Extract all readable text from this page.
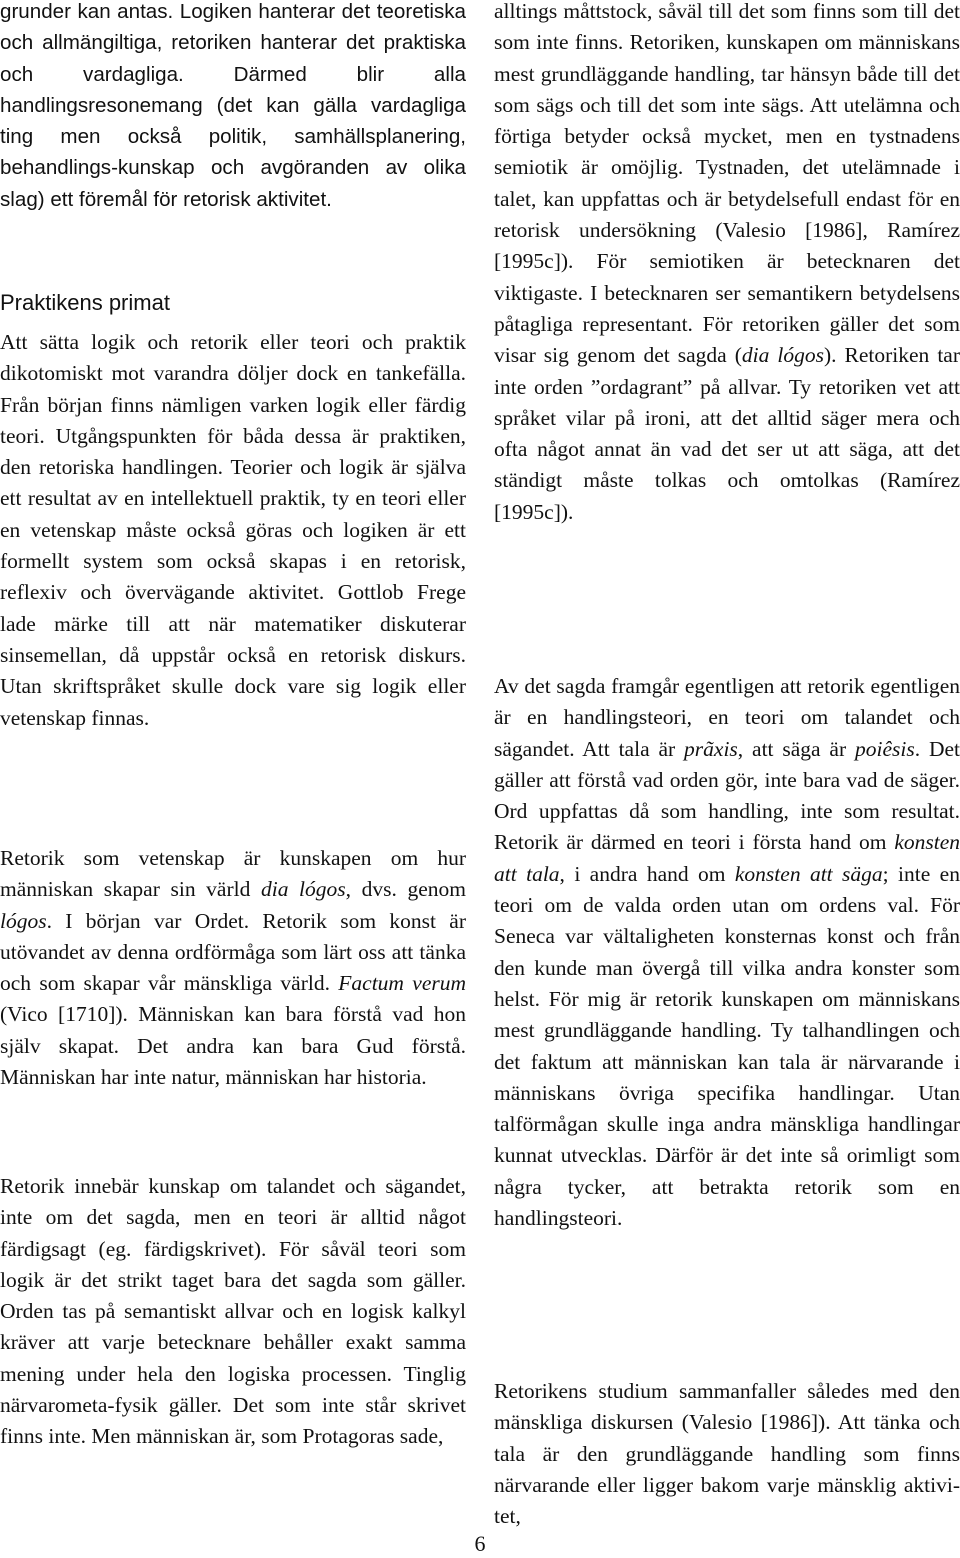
grunder kan antas. Logiken hanterar det teoretiska och allmängiltiga, retoriken hanterar det praktiska och vardagliga. Därmed blir alla handlingsresonemang (det kan gälla vardagliga ting men också politik, samhällsplanering, behandlings-kunskap och avgöranden av olika slag) ett föremål för retorisk aktivitet.

Praktikens primat

Att sätta logik och retorik eller teori och praktik dikotomiskt mot varandra döljer dock en tankefälla. Från början finns nämligen varken logik eller färdig teori. Utgångspunkten för båda dessa är praktiken, den retoriska handlingen. Teorier och logik är själva ett resultat av en intellektuell praktik, ty en teori eller en vetenskap måste också göras och logiken är ett formellt system som också skapas i en retorisk, reflexiv och övervägande aktivitet. Gottlob Frege lade märke till att när matematiker diskuterar sinsemellan, då uppstår också en retorisk diskurs. Utan skriftspråket skulle dock vare sig logik eller vetenskap finnas.

Retorik som vetenskap är kunskapen om hur människan skapar sin värld dia lógos, dvs. genom lógos. I början var Ordet. Retorik som konst är utövandet av denna ordförmåga som lärt oss att tänka och som skapar vår mänskliga värld. Factum verum (Vico [1710]). Människan kan bara förstå vad hon själv skapat. Det andra kan bara Gud förstå. Människan har inte natur, människan har historia.

Retorik innebär kunskap om talandet och sägandet, inte om det sagda, men en teori är alltid något färdigsagt (eg. färdigskrivet). För såväl teori som logik är det strikt taget bara det sagda som gäller. Orden tas på semantiskt allvar och en logisk kalkyl kräver att varje betecknare behåller exakt samma mening under hela den logiska processen. Tinglig närvarometa-fysik gäller. Det som inte står skrivet finns inte. Men människan är, som Protagoras sade,

alltings måttstock, såväl till det som finns som till det som inte finns. Retoriken, kunskapen om människans mest grundläggande handling, tar hänsyn både till det som sägs och till det som inte sägs. Att utelämna och förtiga betyder också mycket, men en tystnadens semiotik är omöjlig. Tystnaden, det utelämnade i talet, kan uppfattas och är betydelsefull endast för en retorisk undersökning (Valesio [1986], Ramírez [1995c]). För semiotiken är betecknaren det viktigaste. I betecknaren ser semantikern betydelsens påtagliga representant. För retoriken gäller det som visar sig genom det sagda (dia lógos). Retoriken tar inte orden ”ordagrant” på allvar. Ty retoriken vet att språket vilar på ironi, att det alltid säger mera och ofta något annat än vad det ser ut att säga, att det ständigt måste tolkas och omtolkas (Ramírez [1995c]).

Av det sagda framgår egentligen att retorik egentligen är en handlingsteori, en teori om talandet och sägandet. Att tala är prãxis, att säga är poiêsis. Det gäller att förstå vad orden gör, inte bara vad de säger. Ord uppfattas då som handling, inte som resultat. Retorik är därmed en teori i första hand om konsten att tala, i andra hand om konsten att säga; inte en teori om de valda orden utan om ordens val. För Seneca var vältaligheten konsternas konst och från den kunde man övergå till vilka andra konster som helst. För mig är retorik kunskapen om människans mest grundläggande handling. Ty talhandlingen och det faktum att människan kan tala är närvarande i människans övriga specifika handlingar. Utan talförmågan skulle inga andra mänskliga handlingar kunnat utvecklas. Därför är det inte så orimligt som några tycker, att betrakta retorik som en handlingsteori.

Retorikens studium sammanfaller således med den mänskliga diskursen (Valesio [1986]). Att tänka och tala är den grundläggande handling som finns närvarande eller ligger bakom varje mänsklig aktivi-tet,

6
